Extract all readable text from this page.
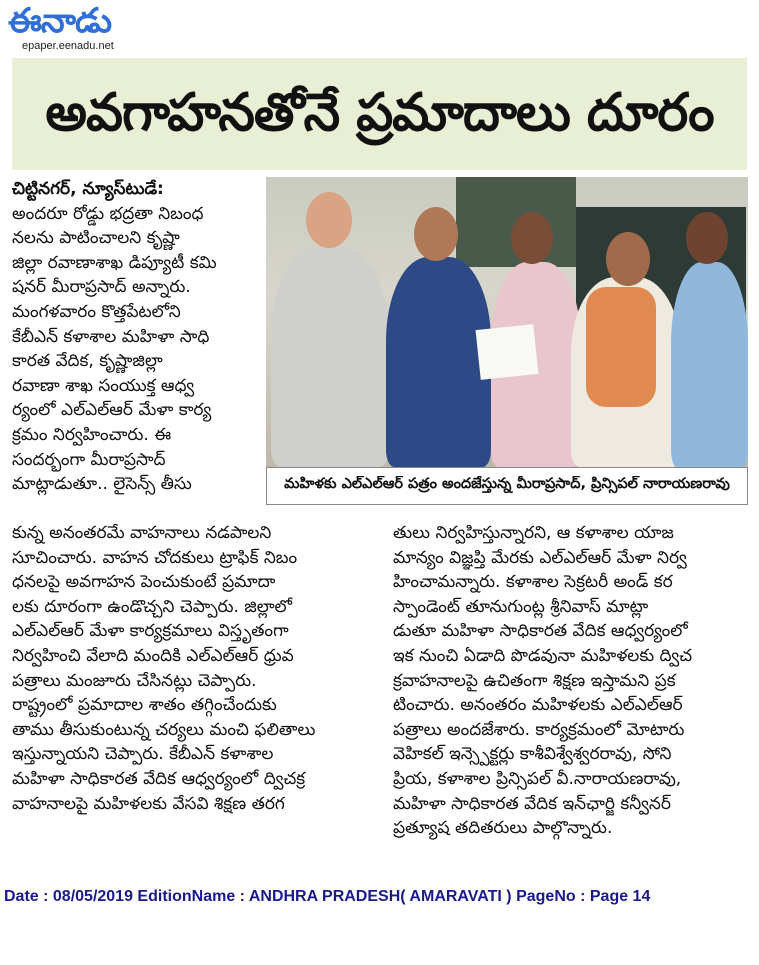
ఈనాడు
epaper.eenadu.net
అవగాహనతోనే ప్రమాదాలు దూరం
చిట్టినగర్, న్యూస్‌టుడే:
అందరూ రోడ్డు భద్రతా నిబంధ
నలను పాటించాలని కృష్ణా
జిల్లా రవాణాశాఖ డిప్యూటీ కమి
షనర్ మీరాప్రసాద్ అన్నారు.
మంగళవారం కొత్తపేటలోని
కేబీఎన్ కళాశాల మహిళా సాధి
కారత వేదిక, కృష్ణాజిల్లా
రవాణా శాఖ సంయుక్త ఆధ్వ
ర్యంలో ఎల్ఎల్ఆర్ మేళా కార్య
క్రమం నిర్వహించారు. ఈ
సందర్భంగా మీరాప్రసాద్
మాట్లాడుతూ.. లైసెన్స్ తీసు	మహిళకు ఎల్ఎల్ఆర్ పత్రం అందజేస్తున్న మీరాప్రసాద్, ప్రిన్సిపల్ నారాయణరావు
కున్న అనంతరమే వాహనాలు నడపాలని
సూచించారు. వాహన చోదకులు ట్రాఫిక్ నిబం
ధనలపై అవగాహన పెంచుకుంటే ప్రమాదా
లకు దూరంగా ఉండొచ్చని చెప్పారు. జిల్లాలో
ఎల్ఎల్ఆర్ మేళా కార్యక్రమాలు విస్తృతంగా
నిర్వహించి వేలాది మందికి ఎల్ఎల్ఆర్ ధ్రువ
పత్రాలు మంజూరు చేసినట్లు చెప్పారు.
రాష్ట్రంలో ప్రమాదాల శాతం తగ్గించేందుకు
తాము తీసుకుంటున్న చర్యలు మంచి ఫలితాలు
ఇస్తున్నాయని చెప్పారు. కేబీఎన్ కళాశాల
మహిళా సాధికారత వేదిక ఆధ్వర్యంలో ద్విచక్ర
వాహనాలపై మహిళలకు వేసవి శిక్షణ తరగ
తులు నిర్వహిస్తున్నారని, ఆ కళాశాల యాజ
మాన్యం విజ్ఞప్తి మేరకు ఎల్ఎల్ఆర్ మేళా నిర్వ
హించామన్నారు. కళాశాల సెక్రటరీ అండ్ కర
స్పాండెంట్ తూనుగుంట్ల శ్రీనివాస్ మాట్లా
డుతూ మహిళా సాధికారత వేదిక ఆధ్వర్యంలో
ఇక నుంచి ఏడాది పొడవునా మహిళలకు ద్విచ
క్రవాహనాలపై ఉచితంగా శిక్షణ ఇస్తామని ప్రక
టించారు. అనంతరం మహిళలకు ఎల్ఎల్ఆర్
పత్రాలు అందజేశారు. కార్యక్రమంలో మోటారు
వెహికల్ ఇన్స్పెక్టర్లు కాశీవిశ్వేశ్వరరావు, సోని
ప్రియ, కళాశాల ప్రిన్సిపల్ వీ.నారాయణరావు,
మహిళా సాధికారత వేదిక ఇన్‌ఛార్జి కన్వీనర్
ప్రత్యూష తదితరులు పాల్గొన్నారు.
Date : 08/05/2019 EditionName : ANDHRA PRADESH( AMARAVATI ) PageNo : Page 14
